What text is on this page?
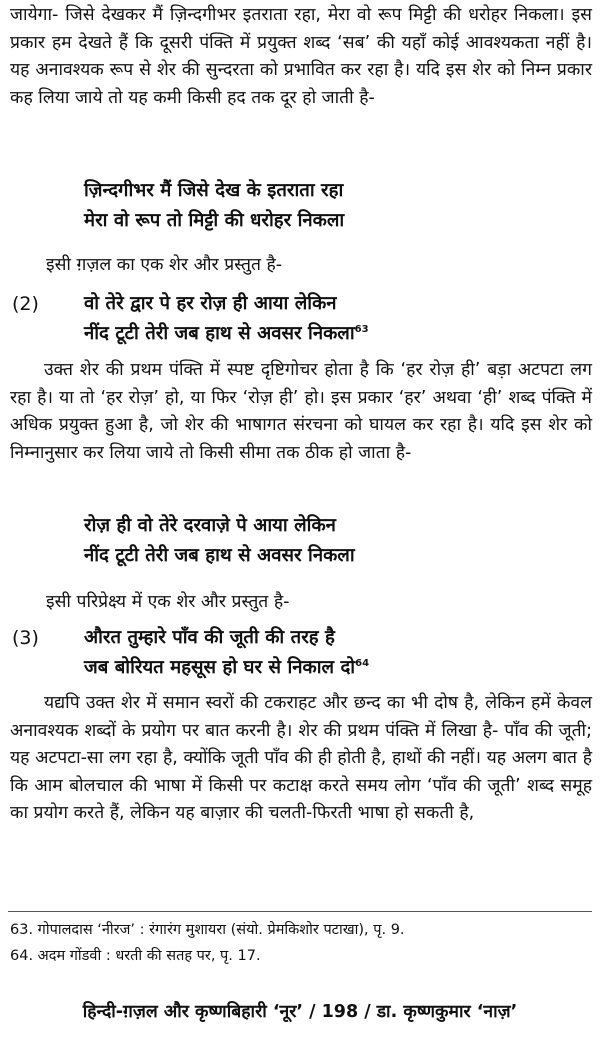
जायेगा- जिसे देखकर मैं ज़िन्दगीभर इतराता रहा, मेरा वो रूप मिट्टी की धरोहर निकला। इस प्रकार हम देखते हैं कि दूसरी पंक्ति में प्रयुक्त शब्द ‘सब’ की यहाँ कोई आवश्यकता नहीं है। यह अनावश्यक रूप से शेर की सुन्दरता को प्रभावित कर रहा है। यदि इस शेर को निम्न प्रकार कह लिया जाये तो यह कमी किसी हद तक दूर हो जाती है-

ज़िन्दगीभर मैं जिसे देख के इतराता रहा
मेरा वो रूप तो मिट्टी की धरोहर निकला
इसी ग़ज़ल का एक शेर और प्रस्तुत है-
(2) वो तेरे द्वार पे हर रोज़ ही आया लेकिन
नींद टूटी तेरी जब हाथ से अवसर निकला$^{63}$

उक्त शेर की प्रथम पंक्ति में स्पष्ट दृष्टिगोचर होता है कि ‘हर रोज़ ही’ बड़ा अटपटा लग रहा है। या तो ‘हर रोज़’ हो, या फिर ‘रोज़ ही’ हो। इस प्रकार ‘हर’ अथवा ‘ही’ शब्द पंक्ति में अधिक प्रयुक्त हुआ है, जो शेर की भाषागत संरचना को घायल कर रहा है। यदि इस शेर को निम्नानुसार कर लिया जाये तो किसी सीमा तक ठीक हो जाता है-

रोज़ ही वो तेरे दरवाज़े पे आया लेकिन
नींद टूटी तेरी जब हाथ से अवसर निकला
इसी परिप्रेक्ष्य में एक शेर और प्रस्तुत है-
(3) औरत तुम्हारे पाँव की जूती की तरह है
जब बोरियत महसूस हो घर से निकाल दो$^{64}$

यद्यपि उक्त शेर में समान स्वरों की टकराहट और छन्द का भी दोष है, लेकिन हमें केवल अनावश्यक शब्दों के प्रयोग पर बात करनी है। शेर की प्रथम पंक्ति में लिखा है- पाँव की जूती; यह अटपटा-सा लग रहा है, क्योंकि जूती पाँव की ही होती है, हाथों की नहीं। यह अलग बात है कि आम बोलचाल की भाषा में किसी पर कटाक्ष करते समय लोग ‘पाँव की जूती’ शब्द समूह का प्रयोग करते हैं, लेकिन यह बाज़ार की चलती-फिरती भाषा हो सकती है,

63. गोपालदास ‘नीरज’ : रंगारंग मुशायरा (संयो. प्रेमकिशोर पटाखा), पृ. 9.
64. अदम गोंडवी : धरती की सतह पर, पृ. 17.
हिन्दी-ग़ज़ल और कृष्णबिहारी ‘नूर’ / 198 / डा. कृष्णकुमार ‘नाज़’
